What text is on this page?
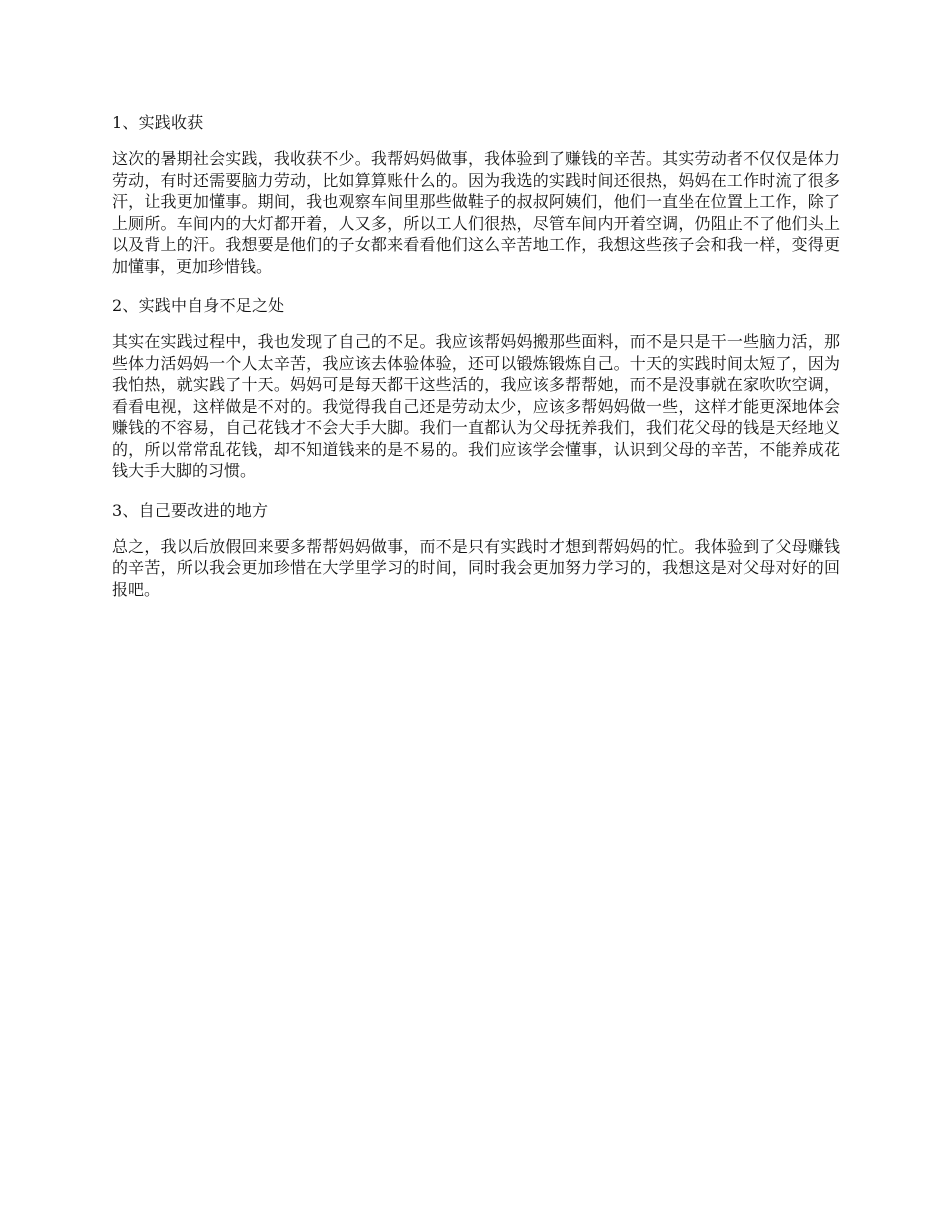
1、实践收获

这次的暑期社会实践，我收获不少。我帮妈妈做事，我体验到了赚钱的辛苦。其实劳动者不仅仅是体力劳动，有时还需要脑力劳动，比如算算账什么的。因为我选的实践时间还很热，妈妈在工作时流了很多汗，让我更加懂事。期间，我也观察车间里那些做鞋子的叔叔阿姨们，他们一直坐在位置上工作，除了上厕所。车间内的大灯都开着，人又多，所以工人们很热，尽管车间内开着空调，仍阻止不了他们头上以及背上的汗。我想要是他们的子女都来看看他们这么辛苦地工作，我想这些孩子会和我一样，变得更加懂事，更加珍惜钱。

2、实践中自身不足之处

其实在实践过程中，我也发现了自己的不足。我应该帮妈妈搬那些面料，而不是只是干一些脑力活，那些体力活妈妈一个人太辛苦，我应该去体验体验，还可以锻炼锻炼自己。十天的实践时间太短了，因为我怕热，就实践了十天。妈妈可是每天都干这些活的，我应该多帮帮她，而不是没事就在家吹吹空调，看看电视，这样做是不对的。我觉得我自己还是劳动太少，应该多帮妈妈做一些，这样才能更深地体会赚钱的不容易，自己花钱才不会大手大脚。我们一直都认为父母抚养我们，我们花父母的钱是天经地义的，所以常常乱花钱，却不知道钱来的是不易的。我们应该学会懂事，认识到父母的辛苦，不能养成花钱大手大脚的习惯。

3、自己要改进的地方

总之，我以后放假回来要多帮帮妈妈做事，而不是只有实践时才想到帮妈妈的忙。我体验到了父母赚钱的辛苦，所以我会更加珍惜在大学里学习的时间，同时我会更加努力学习的，我想这是对父母对好的回报吧。
